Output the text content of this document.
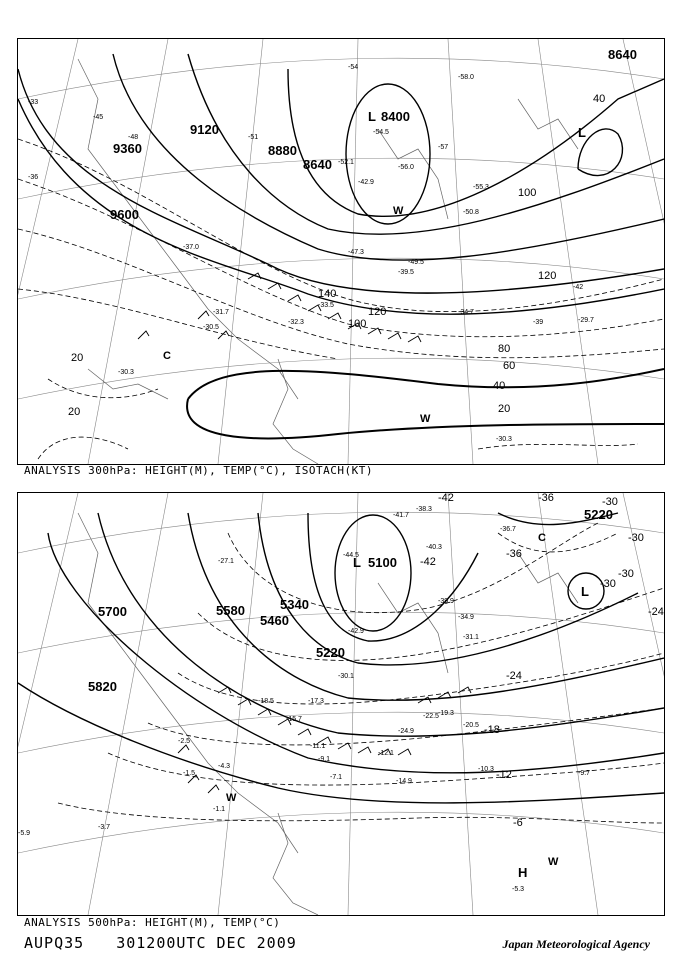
9600
9360
9120
8880
8640
8400
8640
20
40
60
80
100
120
140
120
100
20
40
20
-30.5
-31.7
-32.3
-33.5
-34.7
-29.7
-37.0
-30.3
-39.5
-42.9
-47.3
-49.5
-50.8
-52.1
-54.5
-55.3
-56.0
-58.0
-45
-48	-51
-54
-57
-39
-42
-36
-33
-30.3
L
L
W
W
C
ANALYSIS 300hPa: HEIGHT(M), TEMP(°C), ISOTACH(KT)
5820
5700	5580
5460
5340
5220
5100
5220
-30
-30
-36
-42
-24
-18
-12
-6
-24
-30
-36
-42
-30
-1.1
-1.5
-2.5
-4.3
-5.9
-7.1
-9.1
-10.3
-11.1
-12.1
-14.9
-15.7
-17.3
-18.5
-19.3
-20.5
-22.5
-24.9
-27.1
-30.1
-31.1
-34.9
-36.7
-38.3
-39.9
-40.3
-41.7
-42.9
-44.5
-9.7
-5.3
-3.7
L
L
H
W
W
C
ANALYSIS 500hPa: HEIGHT(M), TEMP(°C)
AUPQ35 301200UTC DEC 2009	Japan Meteorological Agency
